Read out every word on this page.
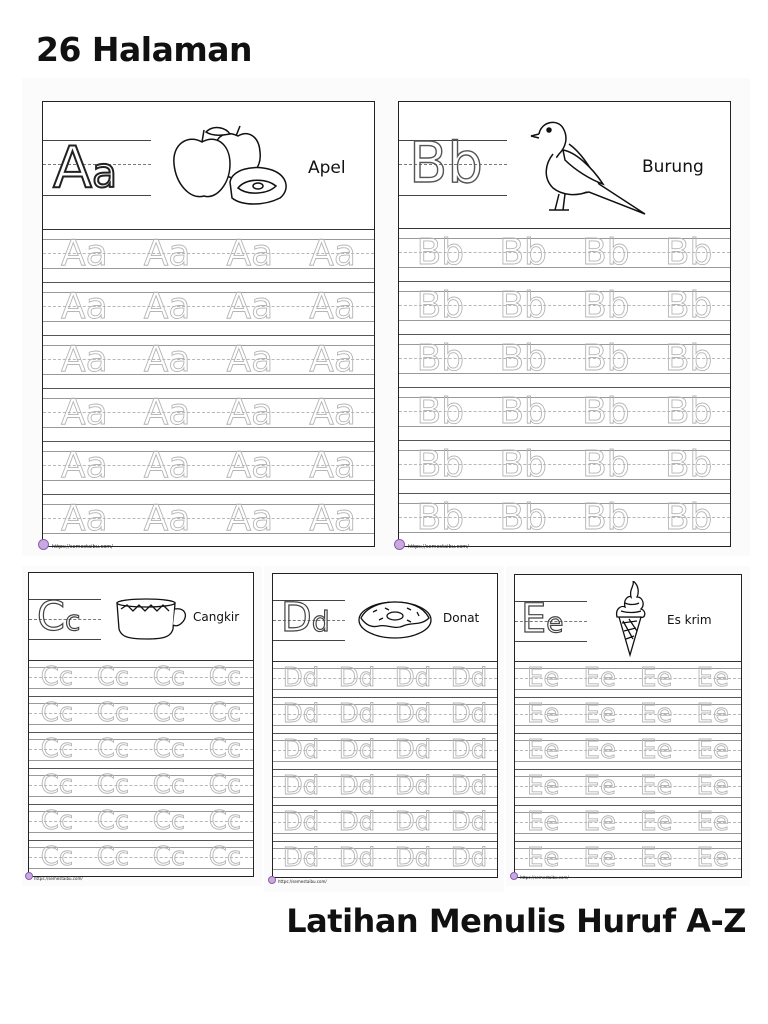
26 Halaman
Aa	Apel
Aa Aa Aa Aa
Aa Aa Aa Aa
Aa Aa Aa Aa
Aa Aa Aa Aa
Aa Aa Aa Aa
Aa Aa Aa Aa
https://semestaibu.com/
Bb	Burung
Bb Bb Bb Bb
Bb Bb Bb Bb
Bb Bb Bb Bb
Bb Bb Bb Bb
Bb Bb Bb Bb
Bb Bb Bb Bb
https://semestaibu.com/
Cc	Cangkir
Cc Cc Cc Cc
Cc Cc Cc Cc
Cc Cc Cc Cc
Cc Cc Cc Cc
Cc Cc Cc Cc
Cc Cc Cc Cc
https://semestaibu.com/
Dd	Donat
Dd Dd Dd Dd
Dd Dd Dd Dd
Dd Dd Dd Dd
Dd Dd Dd Dd
Dd Dd Dd Dd
Dd Dd Dd Dd
https://semestaibu.com/
Ee	Es krim
Ee Ee Ee Ee
Ee Ee Ee Ee
Ee Ee Ee Ee
Ee Ee Ee Ee
Ee Ee Ee Ee
Ee Ee Ee Ee
https://semestaibu.com/
Latihan Menulis Huruf A-Z
